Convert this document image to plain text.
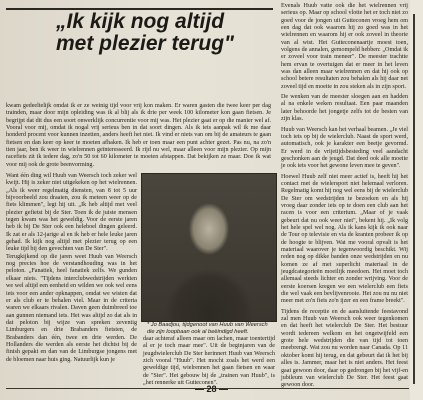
„Ik kijk nog altijd
met plezier terug"

kwam gedeeltelijk omdat ik er ze weinig tijd voor vrij kon maken. Er waren gasten die twee keer per dag trainden, maar door mijn opleiding was ik al blij als ik drie per week 100 kilometer kon gaan fietsen. Je begrijpt dat dit dus een soort onwerklijk concurrentie voor mij was. Het plezier gaat er op die manier wel af. Vooral voor mij, omdat ik nogal vrij serieus ben in dat soort dingen. Als ik iets aanpak wil ik me daar honderd procent voor kunnen inzetten, anders heeft het niet. Ik vind er niets van om bij de amateurs te gaan fietsen en dan keer op keer te moeten afhaken. Ik heb er toen maar een punt achter gezet. Pas nu, na zo'n tien jaar, ben ik weer in wielrennen geïnteresseerd. Ik rijd nu wel, maar alleen voor mijn plezier. Op mijn racefiets zit ik iedere dag, zo'n 50 tot 60 kilometer te moeten afstappen. Dat bekijken ze maar. Doe ik wat voor mij ook de grote beenvorming.

Want één ding wil Huub van Weersch toch zeker wel kwijt. Hij is zeker niet uitgekeken op het wielrennen. „Als ik weer regelmatig diensten, van 8 tot 5 uur bijvoorbeeld zou draaien, zou ik meteen weer op de fiets klimmen", legt hij uit. „Ik heb altijd met veel plezier gefietst bij de Ster. Toen ik de juiste mensen tegen kwam was het geweldig. Voor de eerste jaren heb ik bij De Ster ook een heleboel dingen geleerd. Ik zat er als 12-jarige al en ik heb er hele leuke jaren gehad. Ik kijk nog altijd met plezier terug op een leuke tijd bij den gevechten van De Ster".

Terugkijkend op die jaren weet Huub van Weersch nog precies hoe de verstandhouding was in het peloton. „Fanatiek, heel fanatiek zelfs. We gunden elkaar niets. "Tijdens interclubwedstrijden werkten we wel altijd een eenheid en wilden we ook wel eens iets voor een ander opknappen, omdat we wisten dat er als club er te behalen viel. Maar in de criteria waren we elkaars rivalen. Daven geen duimbreed toe aan gunnen niemand iets. Het was altijd zo dat als in dat peloton bij wijze van spreken zeventig Limburgers en drie Brabanders fietsten, de Brabanders dan één, twee en drie werden. De Hollanders die werden als eerste het dichtst bij de finish gepakt en dan van de Limburgse jongens met de bloemen naar huis ging. Natuurlijk kun je

* Jo Baadjou, tijdgenoot van Huub van Weersch die zijn loopbaan ook al beëindigd heeft.

daar achteraf alleen maar om lachen, maar toentertijd al er je toch maar mee". Uit de beginjaren van de jeugdwielerclub De Ster herinnert Huub van Weersch zich vooral "Huub". Het mocht zoals het werd een geweldige tijd, wielrennen het gaan fietsen en waar de "Ster". Het gebouw bij de „trainen van Huub", is „het rennerke uit Gutteconen".

Evenals Huub vatte ook die het wielrennen vrij serieus op. Maar op school vlotte het er toch niet zo goed voor de jongen uit Gutteconen vroeg hem om een dag dat ook waarom hij zo goed was in het wielrennen en waarom hij er ook zoveel in theorie van al wist. Het Gutteconenaartje moest toen, volgens de annalen, gemompeld hebben: „Omdat ik er zoveel voor train meneer". De meester trachtte hem ervan te overtuigen dat er meer in het leven was dan alleen maar wielrennen en dat hij ook op school betere resultaten zou behalen als hij daar net zoveel tijd en moeite in zou steken als in zijn sport.

De wenken van de meester sloegen aan en hadden al na enkele weken resultaat. Een paar maanden later behoorde het jongetje zelfs tot de besten van zijn klas.

Huub van Weersch kan het verhaal beamen. „Je viel toch iets op bij de wielerclub. Naast de sport werd, automatisch, ook je karakter een beetje gevormd. Er werd in de vrijetijdsbesteding veel aandacht geschonken aan de jeugd. Dat deed ook alle moeite je ook iets voor het gewone leven mee te geven".

Hoewel Huub zelf niet meer actief is, heeft hij het contact met de wielersport niet helemaal verloren. Regelmatig komt hij nog wel eens bij de wielerclub De Ster om wedstrijden te bezoeken en als hij vroeg daar zonder iets op te doen een club aan het racen is voor een criterium. „Maar of je vaak gebeurt dat nu ook weer niet", bekent hij. „Ik volg het hele spel wel nog. Als ik kans kijk ik ook naar de Tour op televisie en via de kranten probeer ik op de hoogte te blijven. Wat me vooral opvalt is het materiaal waarover je tegenwoordig beschikt. Wij reden nog op dikke banden onze wedstrijden en nu komen ze af met superlicht materiaal in de jeugdcategorieën moeilijk meedoen. Het moet toch allemaal steeds lichter en zonder wrijving. Voor de eerste koersen kregen we een wielerclub een fiets die wel vaak een bevlijvenrooie. Het zou nu nu niet meer met zo'n fiets zo'n ijzer en een frame breekt".

Tijdens de receptie en de aansluitende feestavond zal men Huub van Weersch ook weer tegenkomen en dat heeft het wielerclub De Ster. Het bestuur wordt iedereen welkom en het ongetwijfeld een grote hele wedstrijden die van tijd tot toen meebrengt. Wat zou nu worden naar Canada. Op 11 oktober komt hij terug, en dat gebeurt dat ik het bij alles is. Jammer, maar het is niet anders. Het feest gaat gewoon door, daar op gedrongen bij het vijf-en jubileum van wielerclub De Ster. Het feest gaat gewoon door.

— 28 —
